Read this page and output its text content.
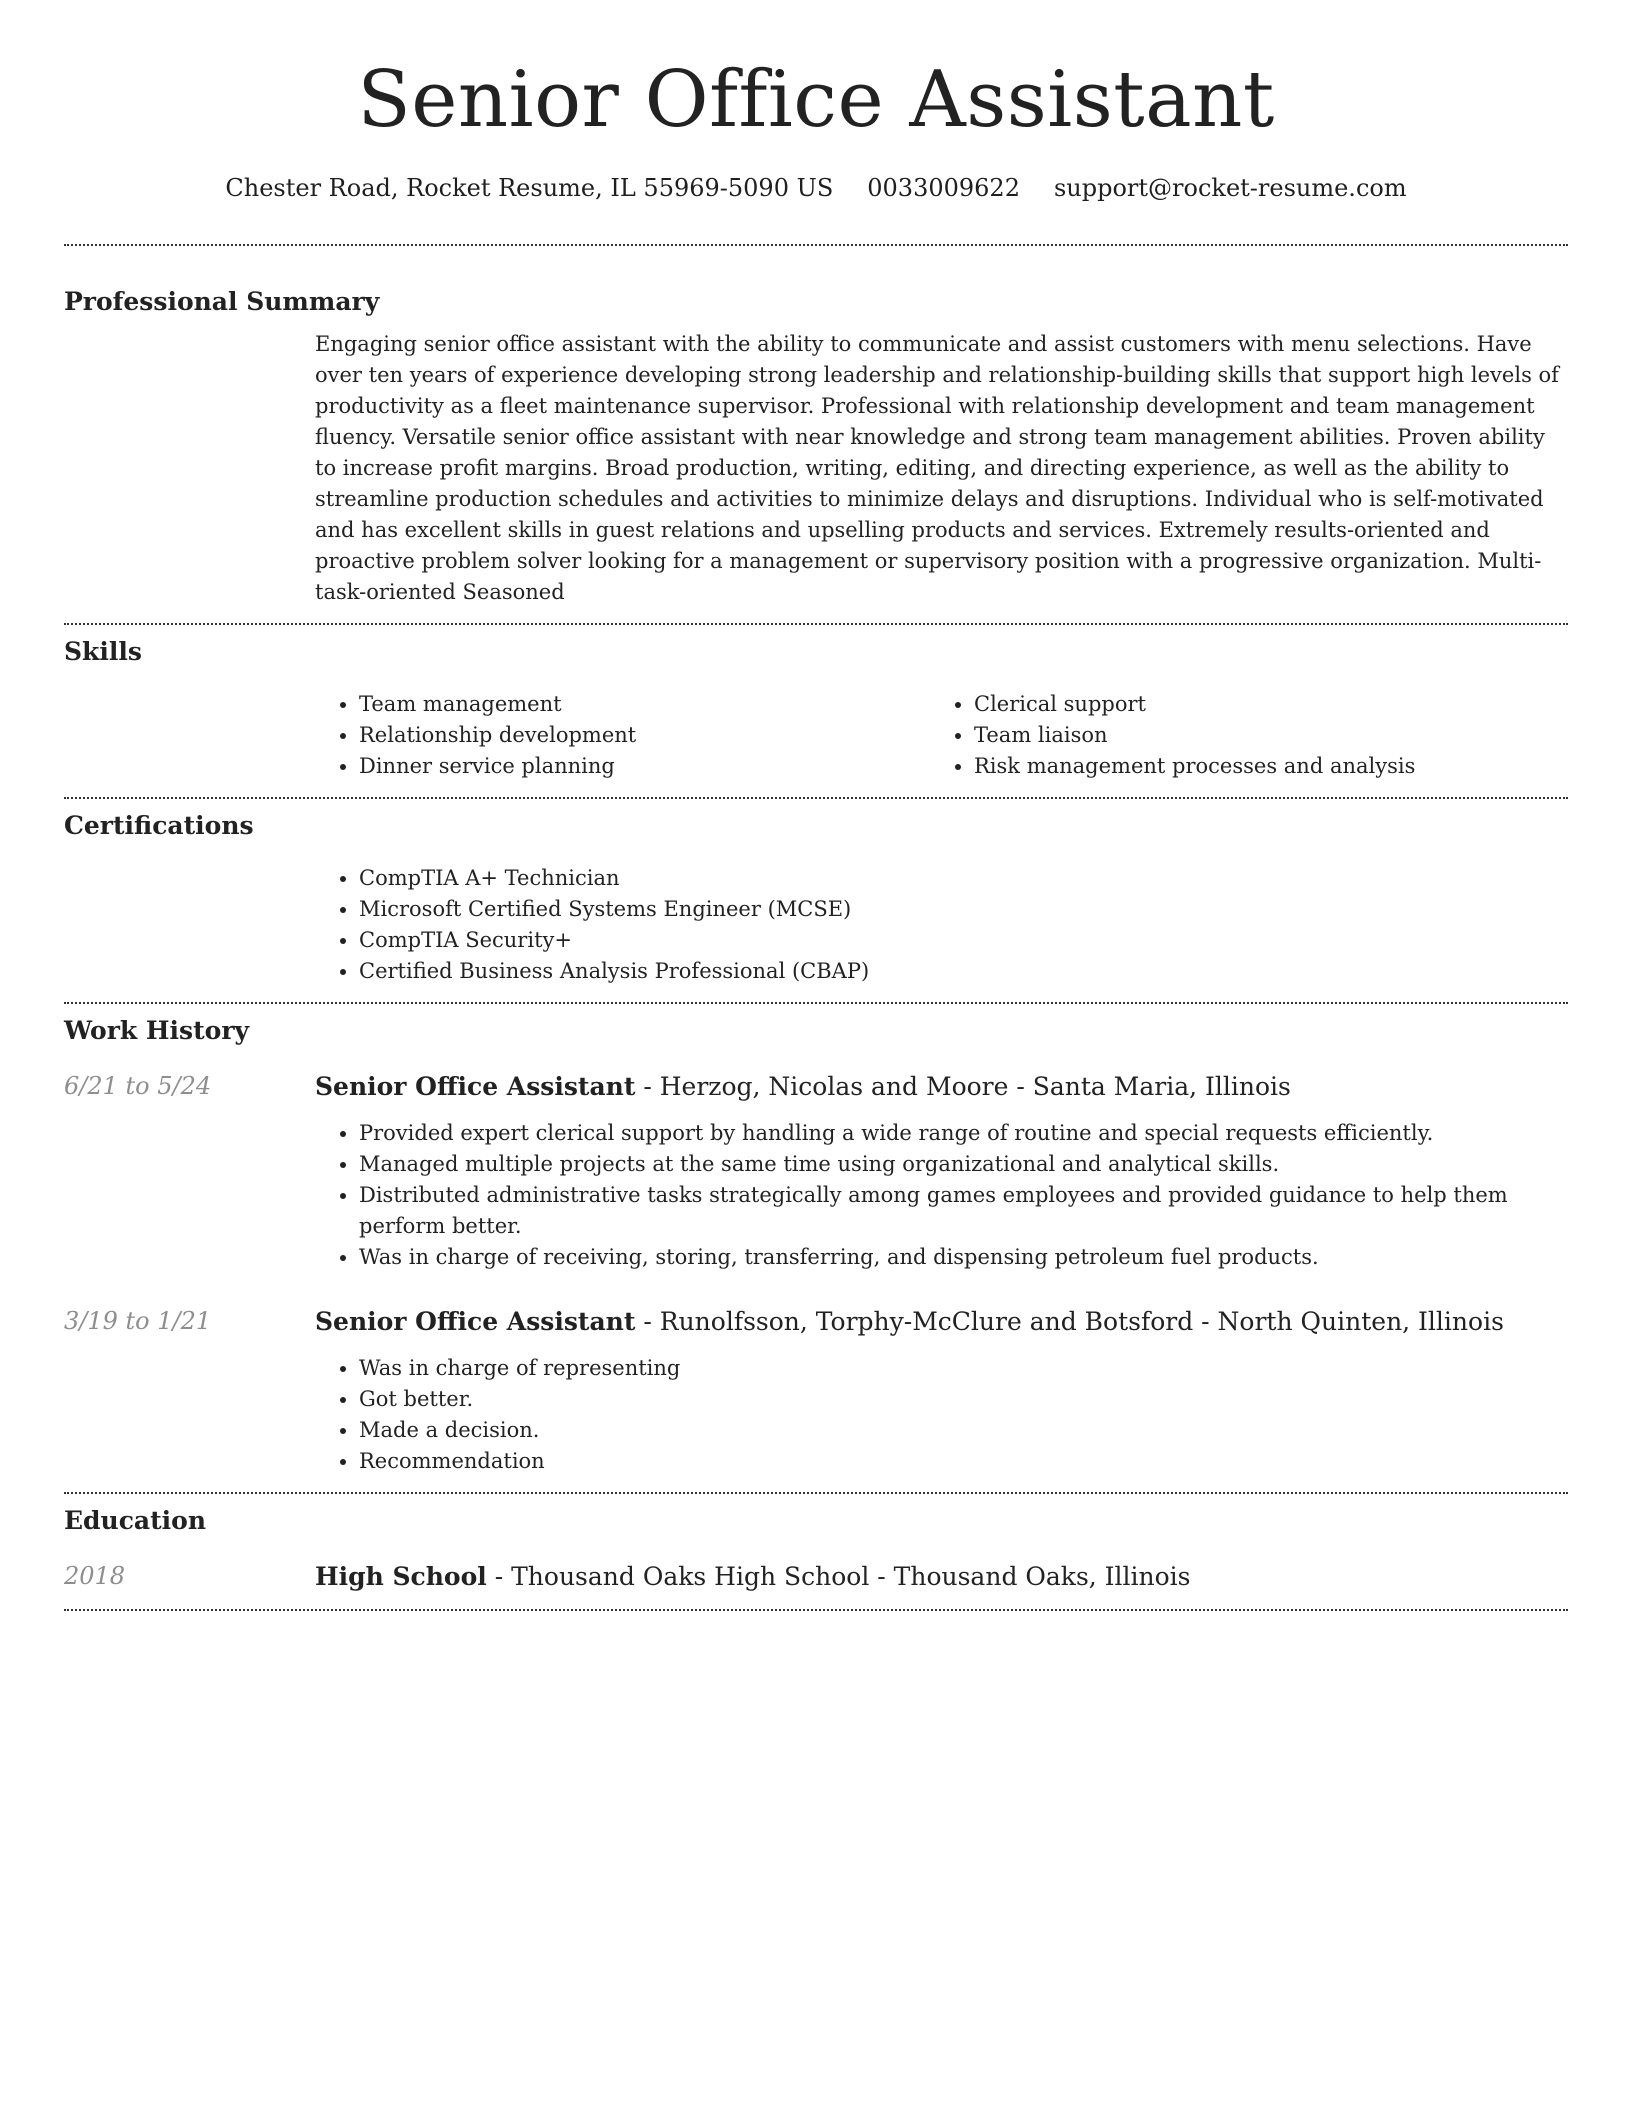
Senior Office Assistant
Chester Road, Rocket Resume, IL 55969-5090 US 0033009622 support@rocket-resume.com
Professional Summary

Engaging senior office assistant with the ability to communicate and assist customers with menu selections. Have over ten years of experience developing strong leadership and relationship-building skills that support high levels of productivity as a fleet maintenance supervisor. Professional with relationship development and team management fluency. Versatile senior office assistant with near knowledge and strong team management abilities. Proven ability to increase profit margins. Broad production, writing, editing, and directing experience, as well as the ability to streamline production schedules and activities to minimize delays and disruptions. Individual who is self-motivated and has excellent skills in guest relations and upselling products and services. Extremely results-oriented and proactive problem solver looking for a management or supervisory position with a progressive organization. Multi-task-oriented Seasoned

Skills
• Team management
• Relationship development
• Dinner service planning
• Clerical support
• Team liaison
• Risk management processes and analysis
Certifications
• CompTIA A+ Technician
• Microsoft Certified Systems Engineer (MCSE)
• CompTIA Security+
• Certified Business Analysis Professional (CBAP)
Work History
6/21 to 5/24	Senior Office Assistant - Herzog, Nicolas and Moore - Santa Maria, Illinois
• Provided expert clerical support by handling a wide range of routine and special requests efficiently.
• Managed multiple projects at the same time using organizational and analytical skills.
• Distributed administrative tasks strategically among games employees and provided guidance to help them perform better.
• Was in charge of receiving, storing, transferring, and dispensing petroleum fuel products.
3/19 to 1/21	Senior Office Assistant - Runolfsson, Torphy-McClure and Botsford - North Quinten, Illinois
• Was in charge of representing
• Got better.
• Made a decision.
• Recommendation
Education
2018	High School - Thousand Oaks High School - Thousand Oaks, Illinois
